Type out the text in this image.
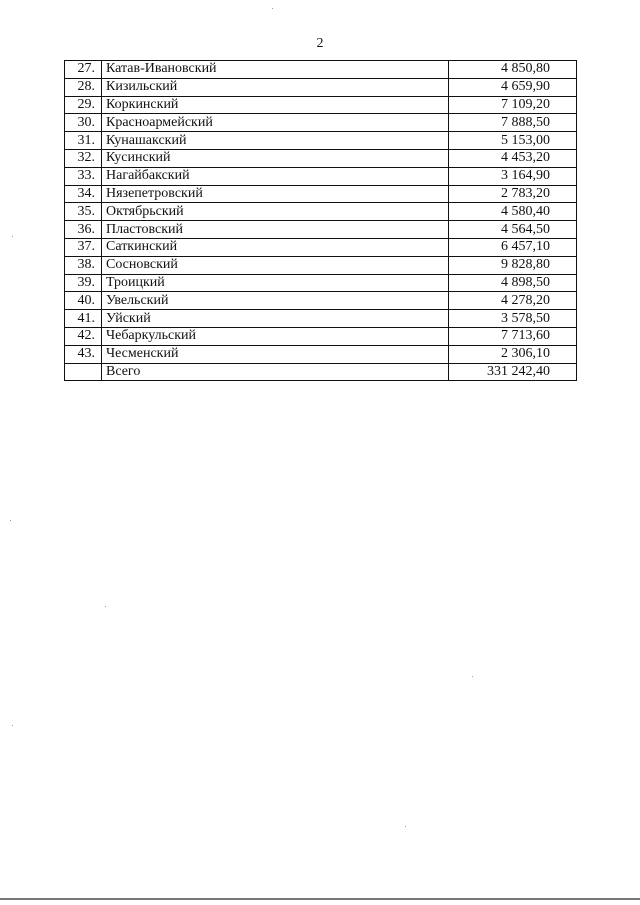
2
27.	Катав-Ивановский	4 850,80
28.	Кизильский	4 659,90
29.	Коркинский	7 109,20
30.	Красноармейский	7 888,50
31.	Кунашакский	5 153,00
32.	Кусинский	4 453,20
33.	Нагайбакский	3 164,90
34.	Нязепетровский	2 783,20
35.	Октябрьский	4 580,40
36.	Пластовский	4 564,50
37.	Саткинский	6 457,10
38.	Сосновский	9 828,80
39.	Троицкий	4 898,50
40.	Увельский	4 278,20
41.	Уйский	3 578,50
42.	Чебаркульский	7 713,60
43.	Чесменский	2 306,10
	Всего	331 242,40
